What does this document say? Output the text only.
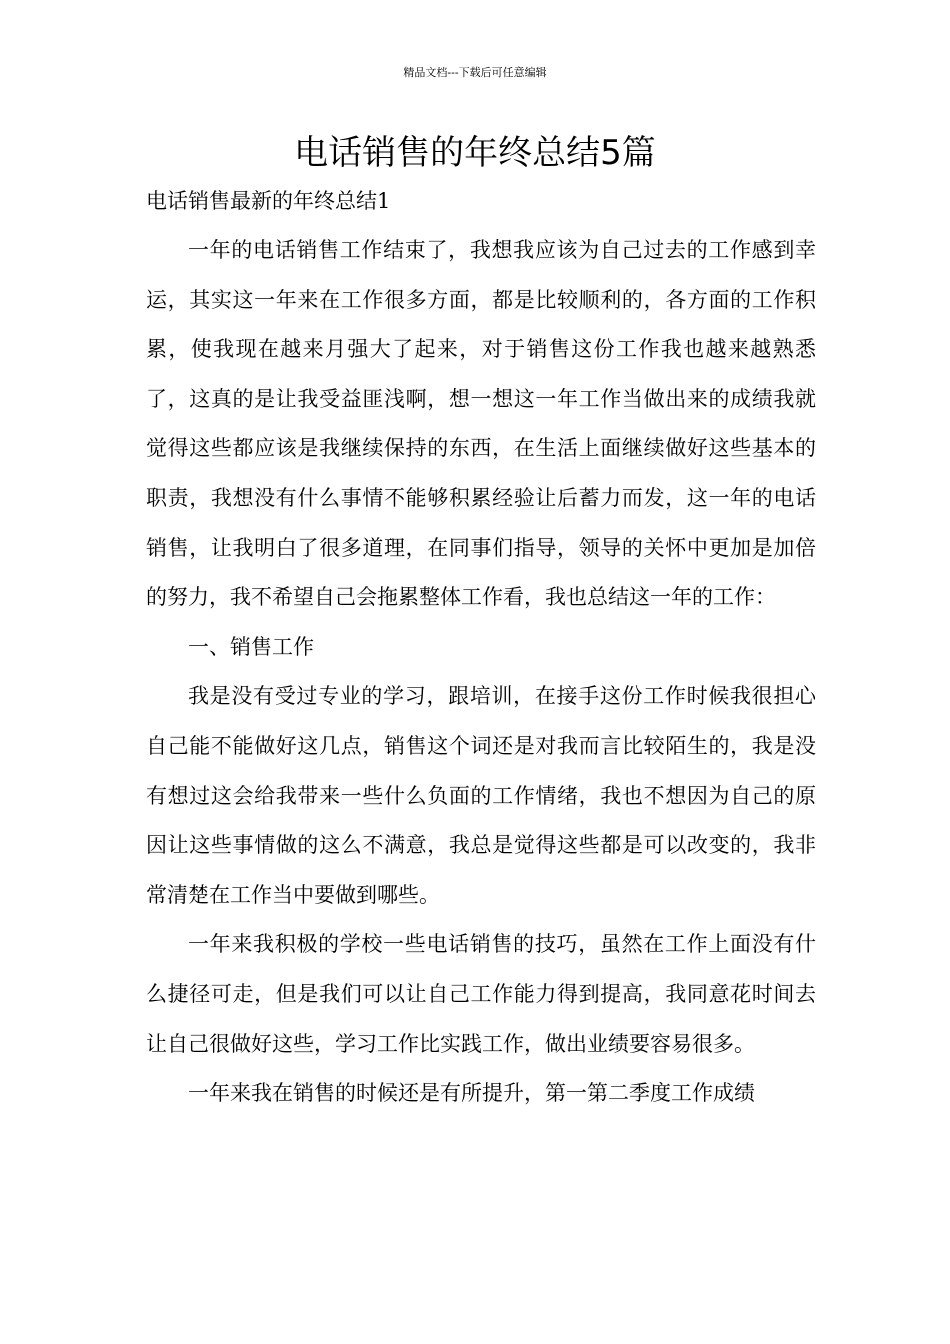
精品文档---下载后可任意编辑
电话销售的年终总结5篇
电话销售最新的年终总结1

一年的电话销售工作结束了，我想我应该为自己过去的工作感到幸运，其实这一年来在工作很多方面，都是比较顺利的，各方面的工作积累，使我现在越来月强大了起来，对于销售这份工作我也越来越熟悉了，这真的是让我受益匪浅啊，想一想这一年工作当做出来的成绩我就觉得这些都应该是我继续保持的东西，在生活上面继续做好这些基本的职责，我想没有什么事情不能够积累经验让后蓄力而发，这一年的电话销售，让我明白了很多道理，在同事们指导，领导的关怀中更加是加倍的努力，我不希望自己会拖累整体工作看，我也总结这一年的工作：

一、销售工作

我是没有受过专业的学习，跟培训，在接手这份工作时候我很担心自己能不能做好这几点，销售这个词还是对我而言比较陌生的，我是没有想过这会给我带来一些什么负面的工作情绪，我也不想因为自己的原因让这些事情做的这么不满意，我总是觉得这些都是可以改变的，我非常清楚在工作当中要做到哪些。

一年来我积极的学校一些电话销售的技巧，虽然在工作上面没有什么捷径可走，但是我们可以让自己工作能力得到提高，我同意花时间去让自己很做好这些，学习工作比实践工作，做出业绩要容易很多。

一年来我在销售的时候还是有所提升，第一第二季度工作成绩
